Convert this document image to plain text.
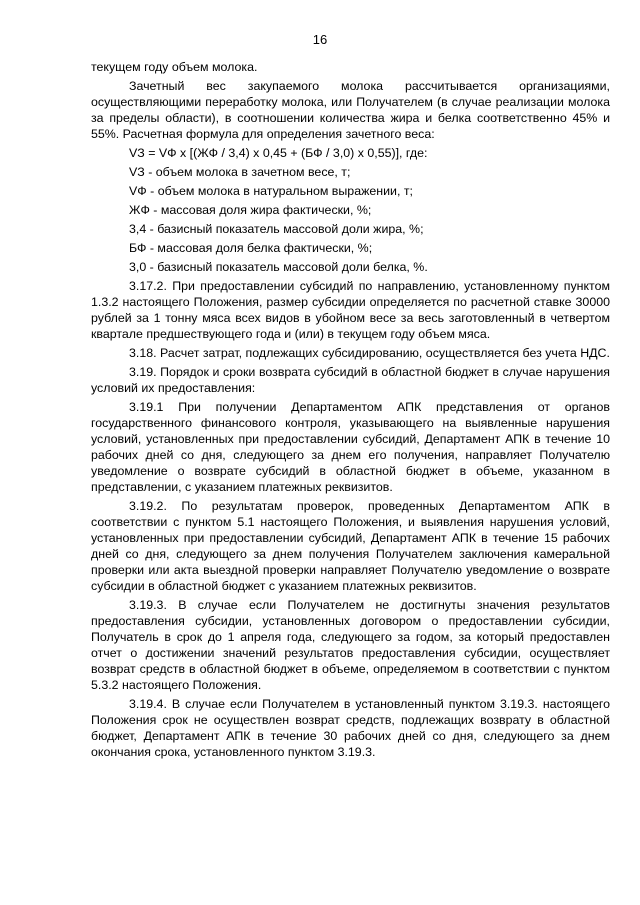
16

текущем году объем молока.

Зачетный вес закупаемого молока рассчитывается организациями, осуществляющими переработку молока, или Получателем (в случае реализации молока за пределы области), в соотношении количества жира и белка соответственно 45% и 55%. Расчетная формула для определения зачетного веса:

VЗ = VФ х [(ЖФ / 3,4) х 0,45 + (БФ / 3,0) х 0,55)], где:

VЗ - объем молока в зачетном весе, т;

VФ - объем молока в натуральном выражении, т;

ЖФ - массовая доля жира фактически, %;

3,4 - базисный показатель массовой доли жира, %;

БФ - массовая доля белка фактически, %;

3,0 - базисный показатель массовой доли белка, %.

3.17.2. При предоставлении субсидий по направлению, установленному пунктом 1.3.2 настоящего Положения, размер субсидии определяется по расчетной ставке 30000 рублей за 1 тонну мяса всех видов в убойном весе за весь заготовленный в четвертом квартале предшествующего года и (или) в текущем году объем мяса.

3.18. Расчет затрат, подлежащих субсидированию, осуществляется без учета НДС.

3.19. Порядок и сроки возврата субсидий в областной бюджет в случае нарушения условий их предоставления:

3.19.1 При получении Департаментом АПК представления от органов государственного финансового контроля, указывающего на выявленные нарушения условий, установленных при предоставлении субсидий, Департамент АПК в течение 10 рабочих дней со дня, следующего за днем его получения, направляет Получателю уведомление о возврате субсидий в областной бюджет в объеме, указанном в представлении, с указанием платежных реквизитов.

3.19.2. По результатам проверок, проведенных Департаментом АПК в соответствии с пунктом 5.1 настоящего Положения, и выявления нарушения условий, установленных при предоставлении субсидий, Департамент АПК в течение 15 рабочих дней со дня, следующего за днем получения Получателем заключения камеральной проверки или акта выездной проверки направляет Получателю уведомление о возврате субсидии в областной бюджет с указанием платежных реквизитов.

3.19.3. В случае если Получателем не достигнуты значения результатов предоставления субсидии, установленных договором о предоставлении субсидии, Получатель в срок до 1 апреля года, следующего за годом, за который предоставлен отчет о достижении значений результатов предоставления субсидии, осуществляет возврат средств в областной бюджет в объеме, определяемом в соответствии с пунктом 5.3.2 настоящего Положения.

3.19.4. В случае если Получателем в установленный пунктом 3.19.3. настоящего Положения срок не осуществлен возврат средств, подлежащих возврату в областной бюджет, Департамент АПК в течение 30 рабочих дней со дня, следующего за днем окончания срока, установленного пунктом 3.19.3.
